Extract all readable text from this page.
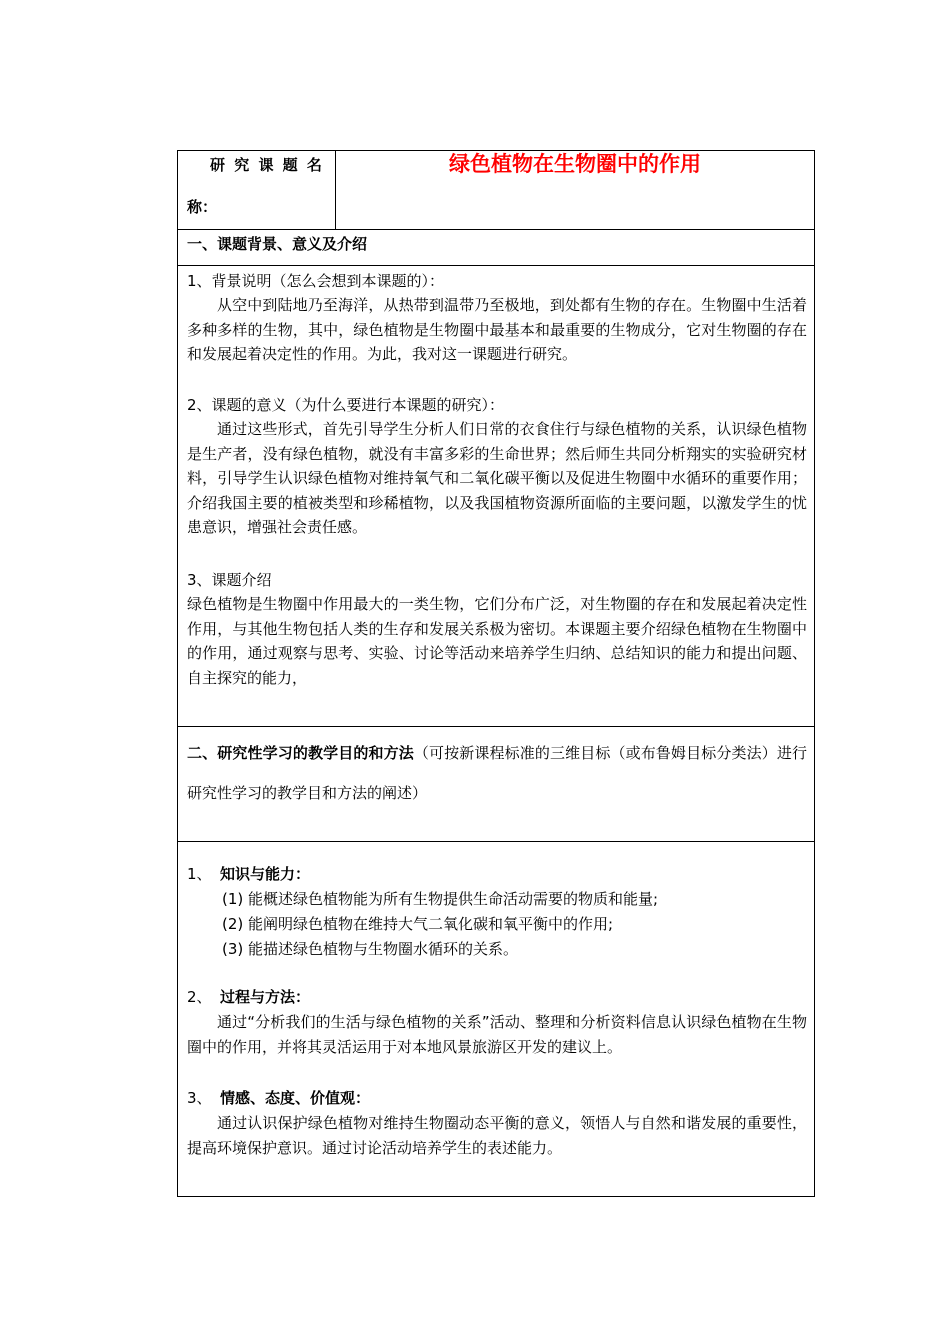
研 究 课 题 名
称：
绿色植物在生物圈中的作用
一、课题背景、意义及介绍
1、背景说明（怎么会想到本课题的）：
从空中到陆地乃至海洋，从热带到温带乃至极地，到处都有生物的存在。生物圈中生活着多种多样的生物，其中，绿色植物是生物圈中最基本和最重要的生物成分，它对生物圈的存在和发展起着决定性的作用。为此，我对这一课题进行研究。
2、课题的意义（为什么要进行本课题的研究）：
通过这些形式，首先引导学生分析人们日常的衣食住行与绿色植物的关系，认识绿色植物是生产者，没有绿色植物，就没有丰富多彩的生命世界；然后师生共同分析翔实的实验研究材料，引导学生认识绿色植物对维持氧气和二氧化碳平衡以及促进生物圈中水循环的重要作用；介绍我国主要的植被类型和珍稀植物，以及我国植物资源所面临的主要问题，以激发学生的忧患意识，增强社会责任感。
3、课题介绍
绿色植物是生物圈中作用最大的一类生物，它们分布广泛，对生物圈的存在和发展起着决定性作用，与其他生物包括人类的生存和发展关系极为密切。本课题主要介绍绿色植物在生物圈中的作用，通过观察与思考、实验、讨论等活动来培养学生归纳、总结知识的能力和提出问题、自主探究的能力，
二、研究性学习的教学目的和方法（可按新课程标准的三维目标（或布鲁姆目标分类法）进行研究性学习的教学目和方法的阐述）
1、 知识与能力：
(1) 能概述绿色植物能为所有生物提供生命活动需要的物质和能量;
(2) 能阐明绿色植物在维持大气二氧化碳和氧平衡中的作用;
(3) 能描述绿色植物与生物圈水循环的关系。
2、 过程与方法：
通过“分析我们的生活与绿色植物的关系”活动、整理和分析资料信息认识绿色植物在生物圈中的作用，并将其灵活运用于对本地风景旅游区开发的建议上。
3、 情感、态度、价值观：
通过认识保护绿色植物对维持生物圈动态平衡的意义，领悟人与自然和谐发展的重要性，提高环境保护意识。通过讨论活动培养学生的表述能力。
